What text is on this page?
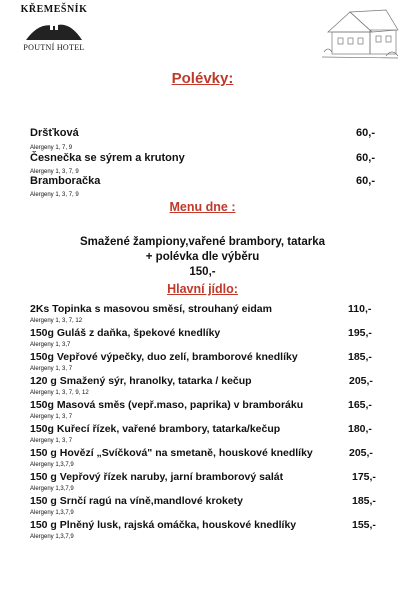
KŘEMEŠNÍK
POUTNÍ HOTEL
Polévky:
Dršťková	60,-
Alergeny 1, 7, 9
Česnečka se sýrem a krutony	60,-
Alergeny 1, 3, 7, 9
Bramboračka	60,-
Alergeny 1, 3, 7, 9
Menu dne :
Smažené žampiony,vařené brambory, tatarka
+ polévka dle výběru
150,-
Hlavní jídlo:
2Ks Topinka s masovou směsí, strouhaný eidam	110,-
Alergeny 1, 3, 7, 12
150g Guláš z daňka, špekové knedlíky	195,-
Alergeny 1, 3,7
150g Vepřové výpečky, duo zelí, bramborové knedlíky	185,-
Alergeny 1, 3, 7
120 g Smažený sýr, hranolky, tatarka / kečup	205,-
Alergeny 1, 3, 7, 9, 12
150g Masová směs (vepř.maso, paprika) v bramboráku	165,-
Alergeny 1, 3, 7
150g Kuřecí řízek, vařené brambory, tatarka/kečup	180,-
Alergeny 1, 3, 7
150 g Hovězí „Svíčková" na smetaně, houskové knedlíky	205,-
Alergeny 1,3,7,9
150 g Vepřový řízek naruby, jarní bramborový salát	175,-
Alergeny 1,3,7,9
150 g Srnčí ragú na víně,mandlové krokety	185,-
Alergeny 1,3,7,9
150 g Plněný lusk, rajská omáčka, houskové knedlíky	155,-
Alergeny 1,3,7,9
